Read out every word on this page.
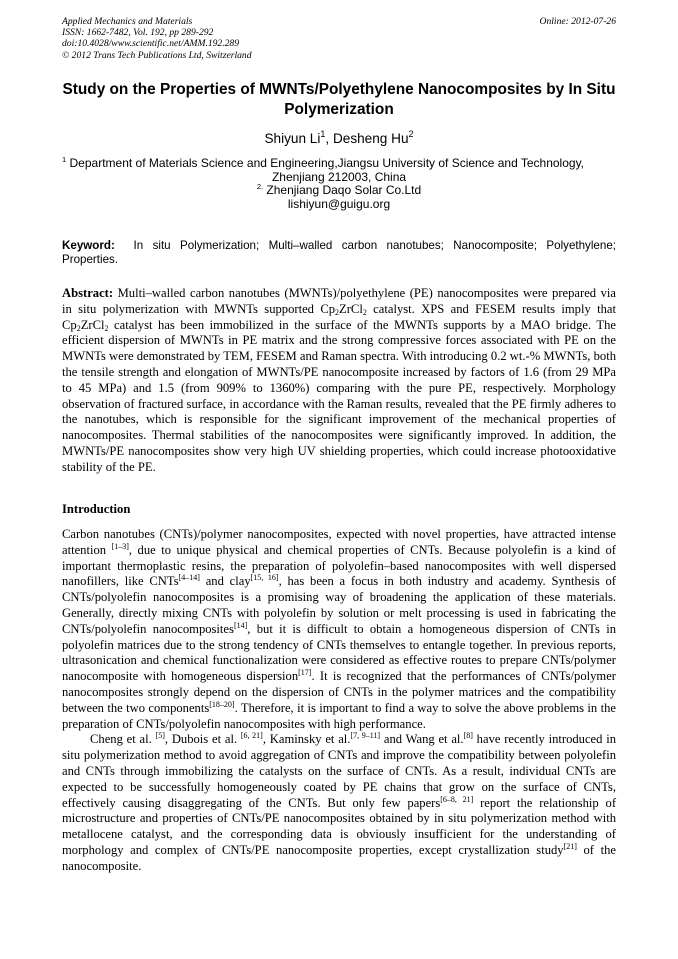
Applied Mechanics and Materials
ISSN: 1662-7482, Vol. 192, pp 289-292
doi:10.4028/www.scientific.net/AMM.192.289
© 2012 Trans Tech Publications Ltd, Switzerland
Online: 2012-07-26
Study on the Properties of MWNTs/Polyethylene Nanocomposites by In Situ Polymerization
Shiyun Li$^1$, Desheng Hu$^2$
$^1$ Department of Materials Science and Engineering,Jiangsu University of Science and Technology,
Zhenjiang 212003, China
$^{2.}$ Zhenjiang Daqo Solar Co.Ltd
lishiyun@guigu.org
Keyword: In situ Polymerization; Multi–walled carbon nanotubes; Nanocomposite; Polyethylene; Properties.
Abstract: Multi–walled carbon nanotubes (MWNTs)/polyethylene (PE) nanocomposites were prepared via in situ polymerization with MWNTs supported $Cp_2ZrCl_2$ catalyst. XPS and FESEM results imply that $Cp_2ZrCl_2$ catalyst has been immobilized in the surface of the MWNTs supports by a MAO bridge. The efficient dispersion of MWNTs in PE matrix and the strong compressive forces associated with PE on the MWNTs were demonstrated by TEM, FESEM and Raman spectra. With introducing 0.2 wt.-% MWNTs, both the tensile strength and elongation of MWNTs/PE nanocomposite increased by factors of 1.6 (from 29 MPa to 45 MPa) and 1.5 (from 909% to 1360%) comparing with the pure PE, respectively. Morphology observation of fractured surface, in accordance with the Raman results, revealed that the PE firmly adheres to the nanotubes, which is responsible for the significant improvement of the mechanical properties of nanocomposites. Thermal stabilities of the nanocomposites were significantly improved. In addition, the MWNTs/PE nanocomposites show very high UV shielding properties, which could increase photooxidative stability of the PE.
Introduction

Carbon nanotubes (CNTs)/polymer nanocomposites, expected with novel properties, have attracted intense attention [1–3], due to unique physical and chemical properties of CNTs. Because polyolefin is a kind of important thermoplastic resins, the preparation of polyolefin–based nanocomposites with well dispersed nanofillers, like CNTs[4–14] and clay[15, 16], has been a focus in both industry and academy. Synthesis of CNTs/polyolefin nanocomposites is a promising way of broadening the application of these materials. Generally, directly mixing CNTs with polyolefin by solution or melt processing is used in fabricating the CNTs/polyolefin nanocomposites[14], but it is difficult to obtain a homogeneous dispersion of CNTs in polyolefin matrices due to the strong tendency of CNTs themselves to entangle together. In previous reports, ultrasonication and chemical functionalization were considered as effective routes to prepare CNTs/polymer nanocomposite with homogeneous dispersion[17]. It is recognized that the performances of CNTs/polymer nanocomposites strongly depend on the dispersion of CNTs in the polymer matrices and the compatibility between the two components[18–20]. Therefore, it is important to find a way to solve the above problems in the preparation of CNTs/polyolefin nanocomposites with high performance.

Cheng et al. [5], Dubois et al. [6, 21], Kaminsky et al.[7, 9–11] and Wang et al.[8] have recently introduced in situ polymerization method to avoid aggregation of CNTs and improve the compatibility between polyolefin and CNTs through immobilizing the catalysts on the surface of CNTs. As a result, individual CNTs are expected to be successfully homogeneously coated by PE chains that grow on the surface of CNTs, effectively causing disaggregating of the CNTs. But only few papers[6–8, 21] report the relationship of microstructure and properties of CNTs/PE nanocomposites obtained by in situ polymerization method with metallocene catalyst, and the corresponding data is obviously insufficient for the understanding of morphology and complex of CNTs/PE nanocomposite properties, except crystallization study[21] of the nanocomposite.
